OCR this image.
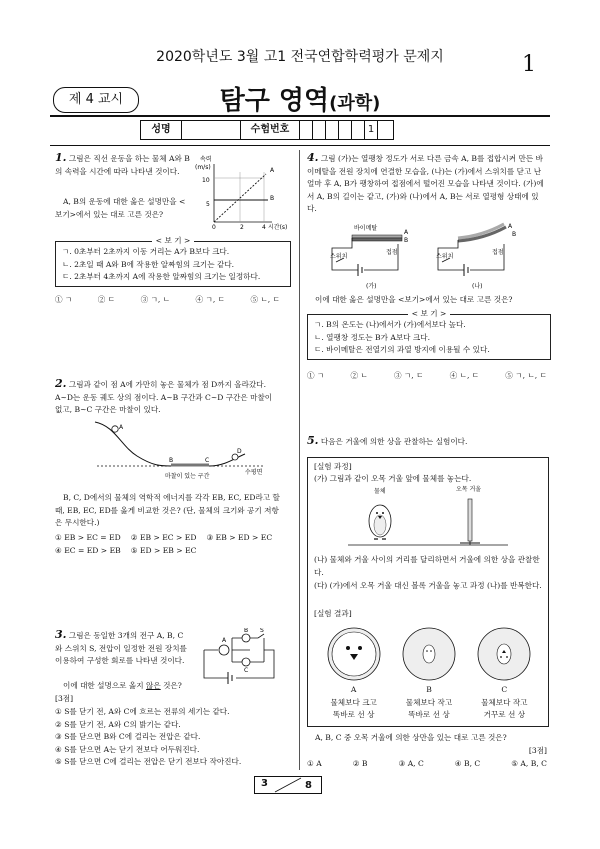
2020학년도 3월 고1 전국연합학력평가 문제지	1
제 4 교시	탐구 영역(과학)
성명	수험번호	1
1. 그림은 직선 운동을 하는 물체 A와 B의 속력을 시간에 따라 나타낸 것이다.
A, B의 운동에 대한 옳은 설명만을 <보기>에서 있는 대로 고른 것은?
속력
(m/s)
10
5
0	2	4 시간(s)
A
B
< 보 기 >
ㄱ. 0초부터 2초까지 이동 거리는 A가 B보다 크다.
ㄴ. 2초일 때 A와 B에 작용한 알짜힘의 크기는 같다.
ㄷ. 2초부터 4초까지 A에 작용한 알짜힘의 크기는 일정하다.
① ㄱ	② ㄷ	③ ㄱ, ㄴ	④ ㄱ, ㄷ	⑤ ㄴ, ㄷ
2. 그림과 같이 점 A에 가만히 놓은 물체가 점 D까지 올라갔다. A~D는 운동 궤도 상의 점이다. A~B 구간과 C~D 구간은 마찰이 없고, B~C 구간은 마찰이 있다.
A
B	C
D
마찰이 있는 구간
수평면
B, C, D에서의 물체의 역학적 에너지를 각각 EB, EC, ED라고 할 때, EB, EC, ED를 옳게 비교한 것은? (단, 물체의 크기와 공기 저항은 무시한다.)
① EB > EC = ED ② EB > EC > ED ③ EB > ED > EC
④ EC = ED > EB ⑤ ED > EB > EC
3. 그림은 동일한 3개의 전구 A, B, C와 스위치 S, 전압이 일정한 전원 장치를 이용하여 구성한 회로를 나타낸 것이다.
이에 대한 설명으로 옳지 않은 것은? [3점]
A
B
C
S
① S를 닫기 전, A와 C에 흐르는 전류의 세기는 같다.
② S를 닫기 전, A와 C의 밝기는 같다.
③ S를 닫으면 B와 C에 걸리는 전압은 같다.
④ S를 닫으면 A는 닫기 전보다 어두워진다.
⑤ S를 닫으면 C에 걸리는 전압은 닫기 전보다 작아진다.
4. 그림 (가)는 열팽창 정도가 서로 다른 금속 A, B를 접합시켜 만든 바이메탈을 전원 장치에 연결한 모습을, (나)는 (가)에서 스위치를 닫고 난 얼마 후 A, B가 팽창하여 접점에서 떨어진 모습을 나타낸 것이다. (가)에서 A, B의 길이는 같고, (가)와 (나)에서 A, B는 서로 열평형 상태에 있다.
바이메탈
A
B
접점
스위치
(가)
A
B
접점
스위치
(나)
이에 대한 옳은 설명만을 <보기>에서 있는 대로 고른 것은?
< 보 기 >
ㄱ. B의 온도는 (나)에서가 (가)에서보다 높다.
ㄴ. 열팽창 정도는 B가 A보다 크다.
ㄷ. 바이메탈은 전열기의 과열 방지에 이용될 수 있다.
① ㄱ	② ㄴ	③ ㄱ, ㄷ	④ ㄴ, ㄷ	⑤ ㄱ, ㄴ, ㄷ
5. 다음은 거울에 의한 상을 관찰하는 실험이다.
[실험 과정]
(가) 그림과 같이 오목 거울 앞에 물체를 놓는다.
물체	오목 거울
(나) 물체와 거울 사이의 거리를 달리하면서 거울에 의한 상을 관찰한다.
(다) (가)에서 오목 거울 대신 볼록 거울을 놓고 과정 (나)를 반복한다.
[실험 결과]
A
물체보다 크고
똑바로 선 상
B
물체보다 작고
똑바로 선 상
C
물체보다 작고
거꾸로 선 상
A, B, C 중 오목 거울에 의한 상만을 있는 대로 고른 것은?
[3점]
① A	② B	③ A, C	④ B, C	⑤ A, B, C
3	8
